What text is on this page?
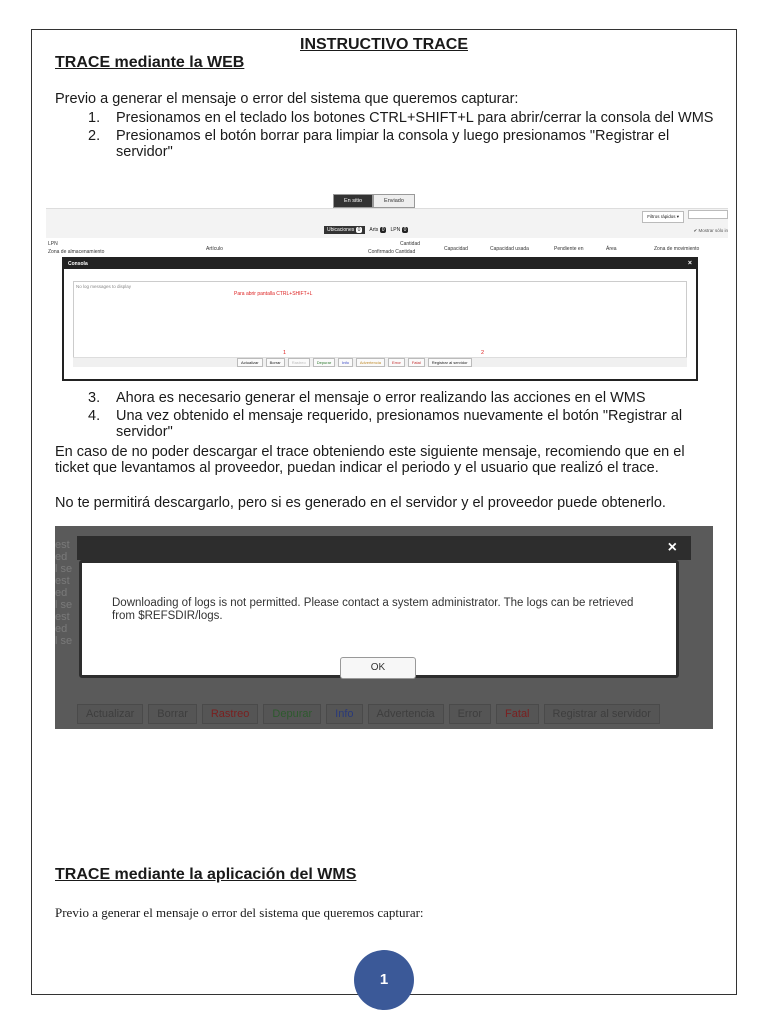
INSTRUCTIVO TRACE
TRACE mediante la WEB
Previo a generar el mensaje o error del sistema que queremos capturar:
1.	Presionamos en el teclado los botones CTRL+SHIFT+L para abrir/cerrar la consola del WMS
2.	Presionamos el botón borrar para limpiar la consola y luego presionamos "Registrar el servidor"
En sitio	Enviado
Filtros rápidos ▾
Ubicaciones 0	Arts 0	LPN 0	✔ Mostrar sólo in
LPN
Zona de almacenamiento	Artículo
Cantidad
Confirmado Cantidad	Capacidad	Capacidad usada	Pendiente en	Área	Zona de movimiento
Consola	×
No log messages to display
Para abrir pantalla CTRL+SHIFT+L
1	2
Actualizar	Borrar	Rastreo	Depurar	Info	Advertencia	Error	Fatal	Registrar al servidor
3.	Ahora es necesario generar el mensaje o error realizando las acciones en el WMS
4.	Una vez obtenido el mensaje requerido, presionamos nuevamente el botón "Registrar al servidor"
En caso de no poder descargar el trace obteniendo este siguiente mensaje, recomiendo que en el ticket que levantamos al proveedor, puedan indicar el periodo y el usuario que realizó el trace.
No te permitirá descargarlo, pero si es generado en el servidor y el proveedor puede obtenerlo.
est
ed
l se
est
ed
l se
est
ed
l se
×
Downloading of logs is not permitted. Please contact a system administrator. The logs can be retrieved from $REFSDIR/logs.
OK
Actualizar	Borrar	Rastreo	Depurar	Info	Advertencia	Error	Fatal	Registrar al servidor
TRACE mediante la aplicación del WMS
Previo a generar el mensaje o error del sistema que queremos capturar:
1
